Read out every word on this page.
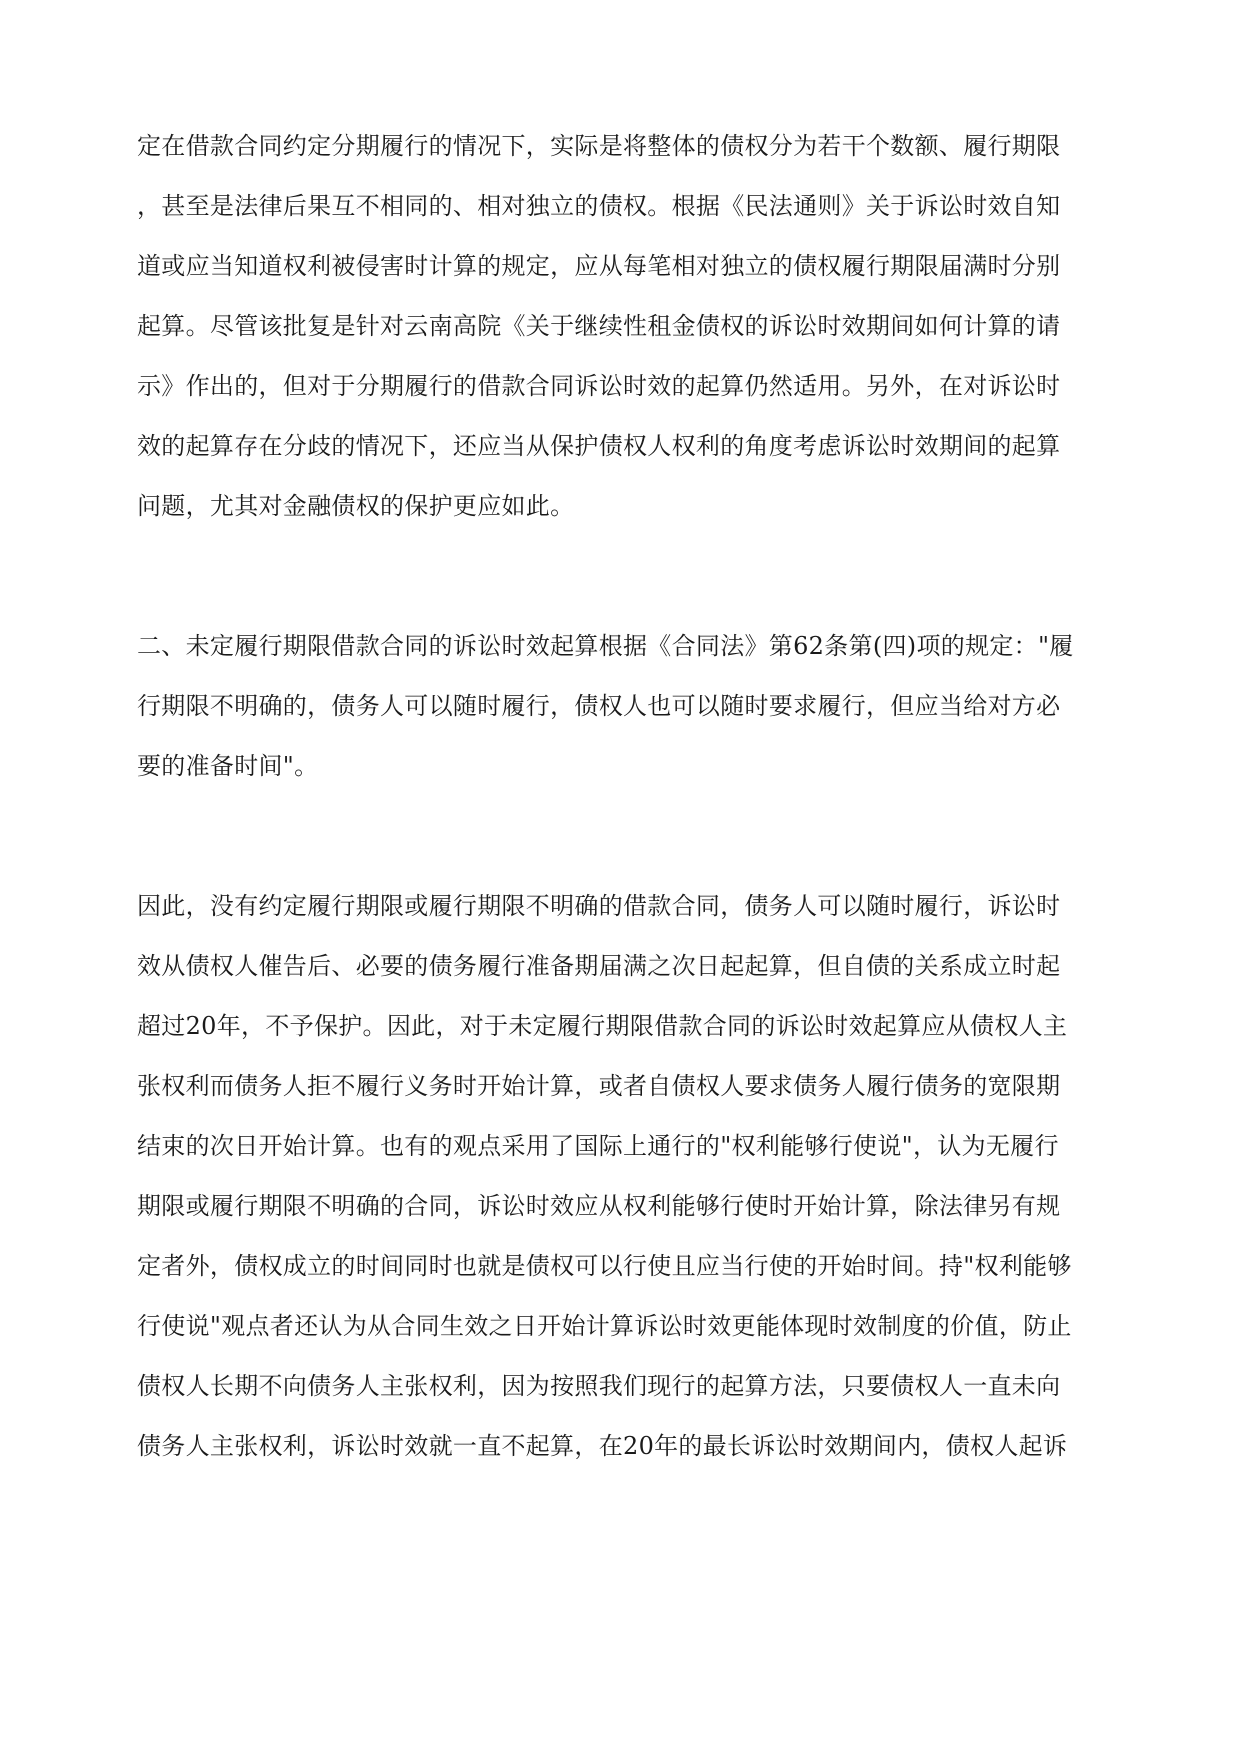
定在借款合同约定分期履行的情况下，实际是将整体的债权分为若干个数额、履行期限
，甚至是法律后果互不相同的、相对独立的债权。根据《民法通则》关于诉讼时效自知
道或应当知道权利被侵害时计算的规定，应从每笔相对独立的债权履行期限届满时分别
起算。尽管该批复是针对云南高院《关于继续性租金债权的诉讼时效期间如何计算的请
示》作出的，但对于分期履行的借款合同诉讼时效的起算仍然适用。另外，在对诉讼时
效的起算存在分歧的情况下，还应当从保护债权人权利的角度考虑诉讼时效期间的起算
问题，尤其对金融债权的保护更应如此。
二、未定履行期限借款合同的诉讼时效起算根据《合同法》第62条第(四)项的规定："履
行期限不明确的，债务人可以随时履行，债权人也可以随时要求履行，但应当给对方必
要的准备时间"。
因此，没有约定履行期限或履行期限不明确的借款合同，债务人可以随时履行，诉讼时
效从债权人催告后、必要的债务履行准备期届满之次日起起算，但自债的关系成立时起
超过20年，不予保护。因此，对于未定履行期限借款合同的诉讼时效起算应从债权人主
张权利而债务人拒不履行义务时开始计算，或者自债权人要求债务人履行债务的宽限期
结束的次日开始计算。也有的观点采用了国际上通行的"权利能够行使说"，认为无履行
期限或履行期限不明确的合同，诉讼时效应从权利能够行使时开始计算，除法律另有规
定者外，债权成立的时间同时也就是债权可以行使且应当行使的开始时间。持"权利能够
行使说"观点者还认为从合同生效之日开始计算诉讼时效更能体现时效制度的价值，防止
债权人长期不向债务人主张权利，因为按照我们现行的起算方法，只要债权人一直未向
债务人主张权利，诉讼时效就一直不起算，在20年的最长诉讼时效期间内，债权人起诉
